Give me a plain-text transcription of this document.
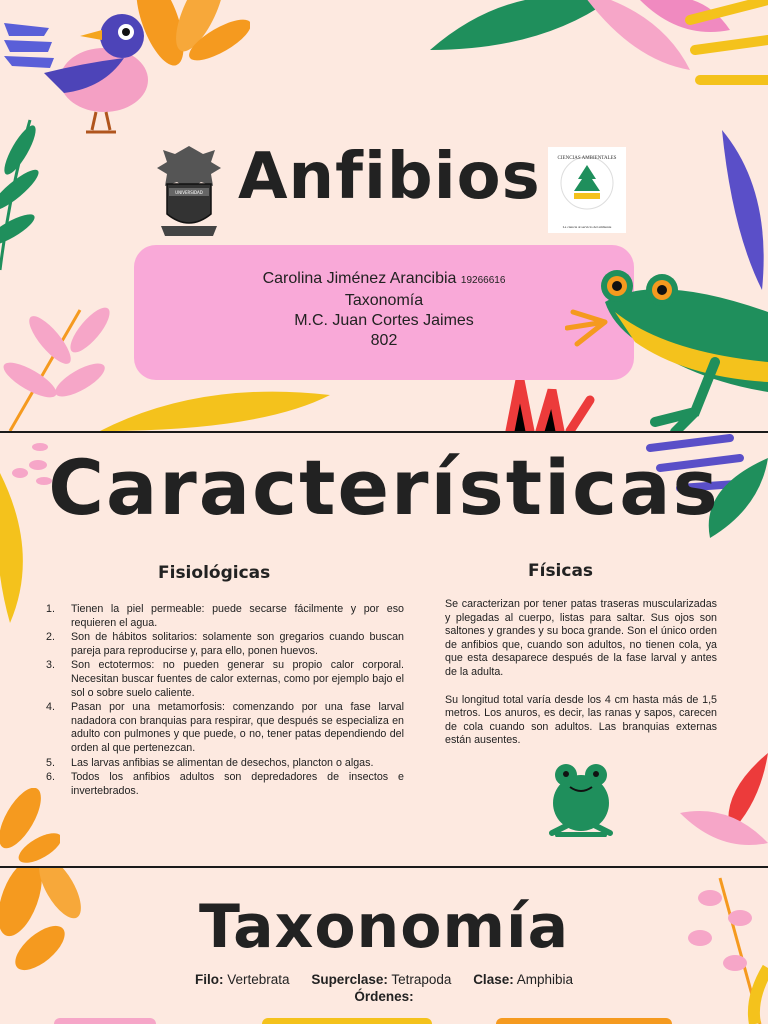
UNIVERSIDAD Anfibios	CIENCIAS AMBIENTALES
La ciencia al servicio del ambiente
Carolina Jiménez Arancibia 19266616
Taxonomía
M.C. Juan Cortes Jaimes
802
Características
Fisiológicas	Físicas
1. Tienen la piel permeable: puede secarse fácilmente y por eso requieren el agua.
2. Son de hábitos solitarios: solamente son gregarios cuando buscan pareja para reproducirse y, para ello, ponen huevos.
3. Son ectotermos: no pueden generar su propio calor corporal. Necesitan buscar fuentes de calor externas, como por ejemplo bajo el sol o sobre suelo caliente.
4. Pasan por una metamorfosis: comenzando por una fase larval nadadora con branquias para respirar, que después se especializa en adulto con pulmones y que puede, o no, tener patas dependiendo del orden al que pertenezcan.
5. Las larvas anfibias se alimentan de desechos, plancton o algas.
6. Todos los anfibios adultos son depredadores de insectos e invertebrados.

Se caracterizan por tener patas traseras muscularizadas y plegadas al cuerpo, listas para saltar. Sus ojos son saltones y grandes y su boca grande. Son el único orden de anfibios que, cuando son adultos, no tienen cola, ya que esta desaparece después de la fase larval y antes de la adulta.

Su longitud total varía desde los 4 cm hasta más de 1,5 metros. Los anuros, es decir, las ranas y sapos, carecen de cola cuando son adultos. Las branquias externas están ausentes.

Taxonomía
Filo: Vertebrata Superclase: Tetrapoda Clase: Amphibia
Órdenes:
